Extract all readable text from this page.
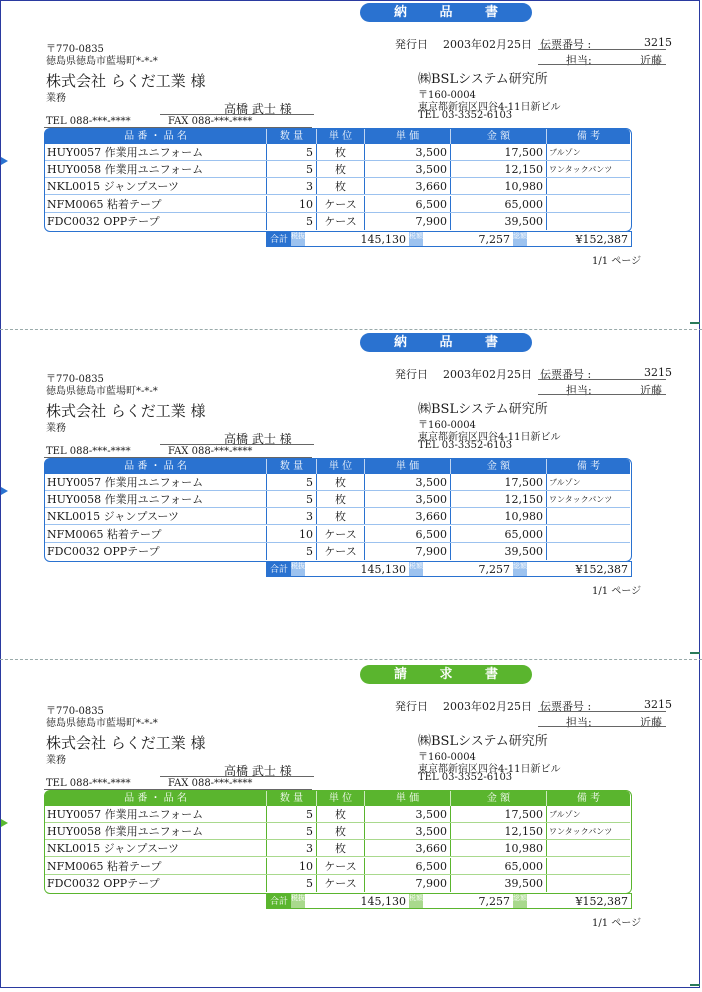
納 品 書
〒770-0835
徳島県徳島市藍場町*-*-*
株式会社 らくだ工業 様
業務
高橋 武士 様
TEL 088-***-****	FAX 088-***-****
発行日 2003年02月25日 伝票番号 :	3215
担当:	近藤
㈱BSLシステム研究所
〒160-0004
東京都新宿区四谷4-11日新ビル
TEL 03-3352-6103
品 番 ・ 品 名	数 量	単 位	単 価	金 額	備 考
HUY0057 作業用ユニフォーム	5	枚	3,500	17,500 ブルゾン
HUY0058 作業用ユニフォーム	5	枚	3,500	12,150 ワンタックパンツ
NKL0015 ジャンプスーツ	3	枚	3,660	10,980
NFM0065 粘着テープ	10	ケース	6,500	65,000
FDC0032 OPPテープ	5	ケース	7,900	39,500
合計 税抜	145,130 税額	7,257 総額	¥152,387
1/1 ページ
納 品 書
〒770-0835
徳島県徳島市藍場町*-*-*
株式会社 らくだ工業 様
業務
高橋 武士 様
TEL 088-***-****	FAX 088-***-****
発行日 2003年02月25日 伝票番号 :	3215
担当:	近藤
㈱BSLシステム研究所
〒160-0004
東京都新宿区四谷4-11日新ビル
TEL 03-3352-6103
品 番 ・ 品 名	数 量	単 位	単 価	金 額	備 考
HUY0057 作業用ユニフォーム	5	枚	3,500	17,500 ブルゾン
HUY0058 作業用ユニフォーム	5	枚	3,500	12,150 ワンタックパンツ
NKL0015 ジャンプスーツ	3	枚	3,660	10,980
NFM0065 粘着テープ	10	ケース	6,500	65,000
FDC0032 OPPテープ	5	ケース	7,900	39,500
合計 税抜	145,130 税額	7,257 総額	¥152,387
1/1 ページ
請 求 書
〒770-0835
徳島県徳島市藍場町*-*-*
株式会社 らくだ工業 様
業務
高橋 武士 様
TEL 088-***-****	FAX 088-***-****
発行日 2003年02月25日 伝票番号 :	3215
担当:	近藤
㈱BSLシステム研究所
〒160-0004
東京都新宿区四谷4-11日新ビル
TEL 03-3352-6103
品 番 ・ 品 名	数 量	単 位	単 価	金 額	備 考
HUY0057 作業用ユニフォーム	5	枚	3,500	17,500 ブルゾン
HUY0058 作業用ユニフォーム	5	枚	3,500	12,150 ワンタックパンツ
NKL0015 ジャンプスーツ	3	枚	3,660	10,980
NFM0065 粘着テープ	10	ケース	6,500	65,000
FDC0032 OPPテープ	5	ケース	7,900	39,500
合計 税抜	145,130 税額	7,257 総額	¥152,387
1/1 ページ
